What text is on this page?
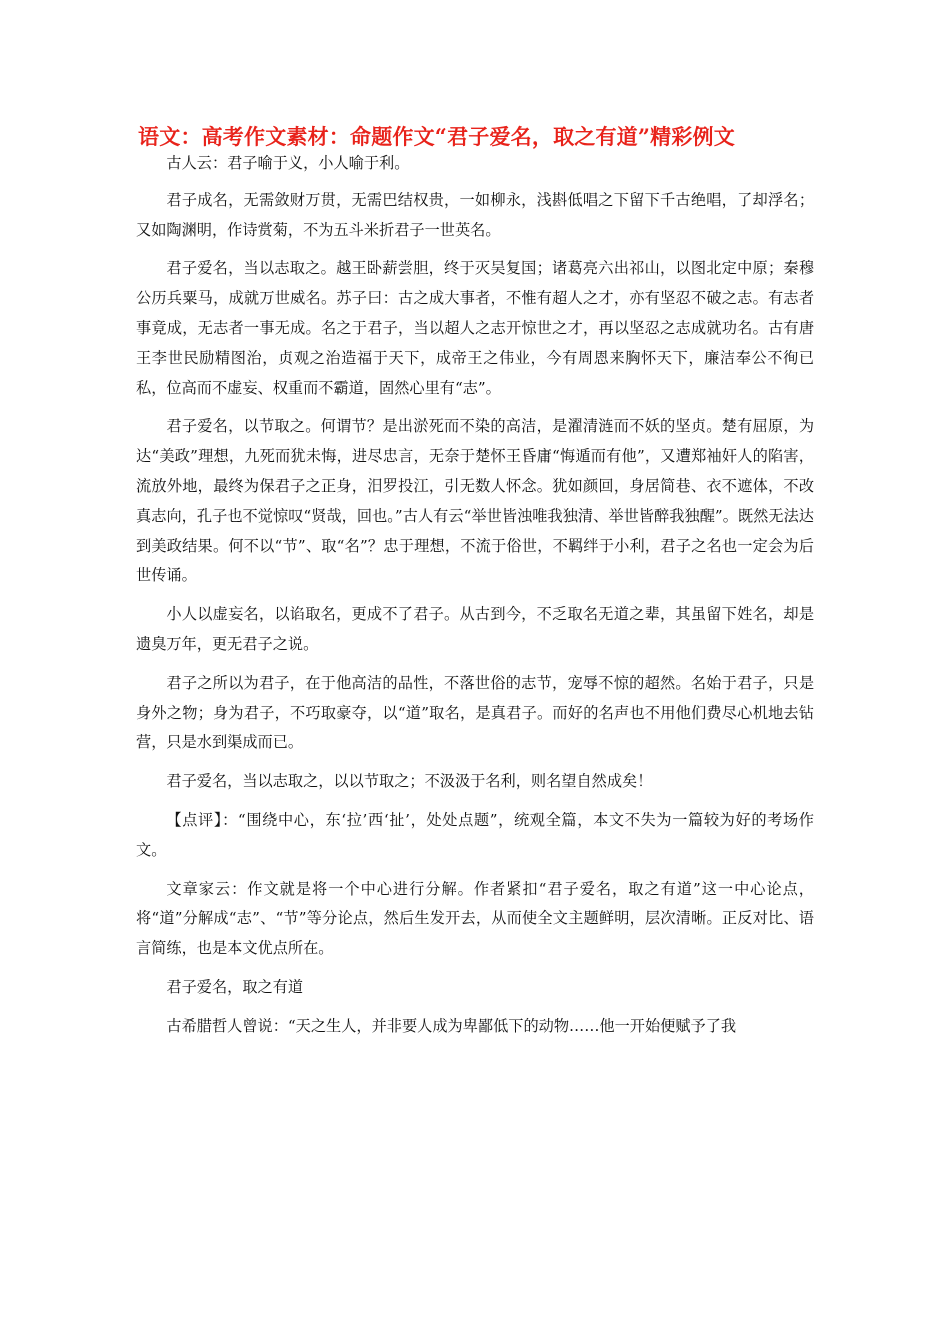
语文：高考作文素材：命题作文“君子爱名，取之有道”精彩例文

古人云：君子喻于义，小人喻于利。

君子成名，无需敛财万贯，无需巴结权贵，一如柳永，浅斟低唱之下留下千古绝唱，了却浮名；又如陶渊明，作诗赏菊，不为五斗米折君子一世英名。

君子爱名，当以志取之。越王卧薪尝胆，终于灭吴复国；诸葛亮六出祁山，以图北定中原；秦穆公历兵粟马，成就万世威名。苏子曰：古之成大事者，不惟有超人之才，亦有坚忍不破之志。有志者事竟成，无志者一事无成。名之于君子，当以超人之志开惊世之才，再以坚忍之志成就功名。古有唐王李世民励精图治，贞观之治造福于天下，成帝王之伟业，今有周恩来胸怀天下，廉洁奉公不徇已私，位高而不虚妄、权重而不霸道，固然心里有“志”。

君子爱名，以节取之。何谓节？是出淤死而不染的高洁，是濯清涟而不妖的坚贞。楚有屈原，为达“美政”理想，九死而犹未悔，进尽忠言，无奈于楚怀王昏庸“悔遁而有他”，又遭郑袖奸人的陷害，流放外地，最终为保君子之正身，汨罗投江，引无数人怀念。犹如颜回，身居简巷、衣不遮体，不改真志向，孔子也不觉惊叹“贤哉，回也。”古人有云“举世皆浊唯我独清、举世皆醉我独醒”。既然无法达到美政结果。何不以“节”、取“名”？忠于理想，不流于俗世，不羁绊于小利，君子之名也一定会为后世传诵。

小人以虚妄名，以谄取名，更成不了君子。从古到今，不乏取名无道之辈，其虽留下姓名，却是遗臭万年，更无君子之说。

君子之所以为君子，在于他高洁的品性，不落世俗的志节，宠辱不惊的超然。名始于君子，只是身外之物；身为君子，不巧取豪夺，以“道”取名，是真君子。而好的名声也不用他们费尽心机地去钻营，只是水到渠成而已。

君子爱名，当以志取之，以以节取之；不汲汲于名利，则名望自然成矣！

【点评】：“围绕中心，东‘拉’西‘扯’，处处点题”，统观全篇，本文不失为一篇较为好的考场作文。

文章家云：作文就是将一个中心进行分解。作者紧扣“君子爱名，取之有道”这一中心论点，将“道”分解成“志”、“节”等分论点，然后生发开去，从而使全文主题鲜明，层次清晰。正反对比、语言简练，也是本文优点所在。

君子爱名，取之有道

古希腊哲人曾说：“天之生人，并非要人成为卑鄙低下的动物……他一开始便赋予了我
